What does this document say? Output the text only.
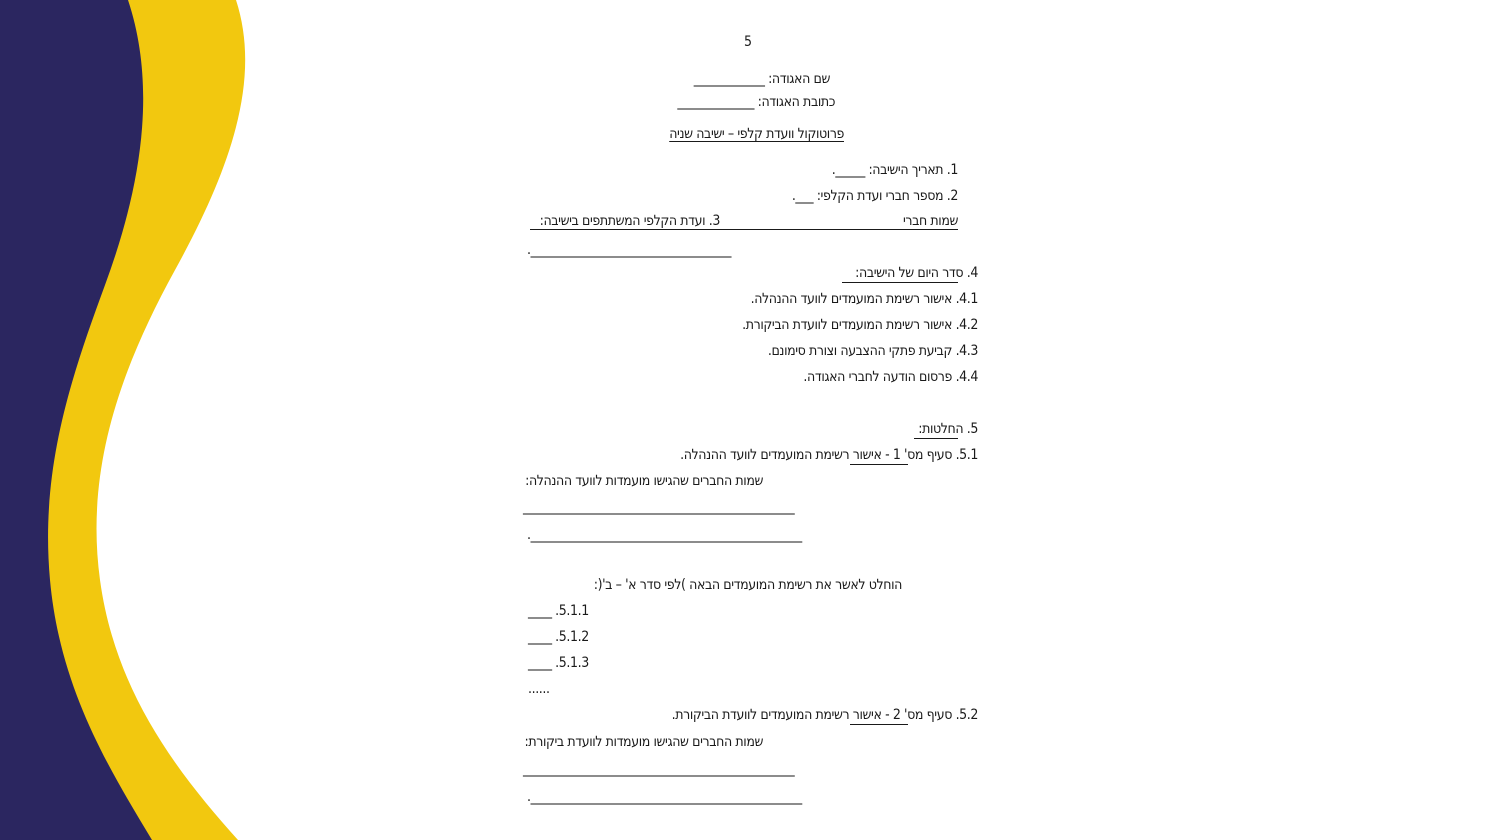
5
שם האגודה: ____________
כתובת האגודה: _____________
פרוטוקול וועדת קלפי – ישיבה שניה
1. תאריך הישיבה: _____.
2. מספר חברי ועדת הקלפי: ___.
שמות חברי
3. ועדת הקלפי המשתתפים בישיבה:
.__________________________________
4. סדר היום של הישיבה:
4.1. אישור רשימת המועמדים לוועד ההנהלה.
4.2. אישור רשימת המועמדים לוועדת הביקורת.
4.3. קביעת פתקי ההצבעה וצורת סימונם.
4.4. פרסום הודעה לחברי האגודה.
5. החלטות:
5.1. סעיף מס' 1 - אישור רשימת המועמדים לוועד ההנהלה.
שמות החברים שהגישו מועמדות לוועד ההנהלה:
______________________________________________
.______________________________________________
הוחלט לאשר את רשימת המועמדים הבאה )לפי סדר א' – ב'(:
____ .5.1.1
____ .5.1.2
____ .5.1.3
......
5.2. סעיף מס' 2 - אישור רשימת המועמדים לוועדת הביקורת.
שמות החברים שהגישו מועמדות לוועדת ביקורת:
______________________________________________
.______________________________________________
